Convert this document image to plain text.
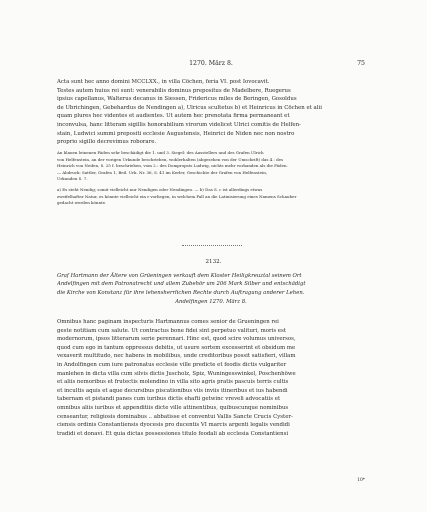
1270. März 8.	75

Acta sunt hec anno domini MCCLXX., in villa Cöchen, feria VI. post Iovocavit.
Testes autem huius rei sunt: venerabilis dominus prepositus de Madelbere, Ruegerus
ipsius capellanus, Walterus decanus in Siessen, Fridericus miles de Beringen, Gosoldus
de Ubrichingen, Gebehardus de Nendingen a), Ulricus scultetus b) et Heinricus in Cöchen et alii
quam plures hec videntes et audientes. Ut autem hec prenotata firma permaneant et
inconvulsa, hanc litteram sigillis honorabilium virorum videlicet Ulrici comitis de Helfen-
stain, Ludwici summi prepositi ecclesie Augustensis, Heinrici de Niden nec non nostro
proprio sigillo decrevimus roborare.

An blauen leinenen Fäden sehr beschädigt die 1. und 3. Siegel: des Ausstellers und des Grafen Ulrich
von Helfenstein, an der vorigen Urkunde beschrieben, wohlerhalten (abgesehen von der Umschrift) das 4.: des
Heinrich von Neifen, S. 25 f. beschrieben, vom 2.: des Dompropsts Ludwig, nichts mehr vorhanden als die Fäden.
— Abdruck: Sattler, Grafen 1, Beil. Urk. Nr. 36, S. 41 im Kerler, Geschichte der Grafen von Helfenstein,
Urkunden S. 7.

a) Es steht Nendig; somit vielleicht nur Nendigen oder Nendingen. — b) Das S. c ist allerdings etwas
zweifelhafter Natur, es könnte vielleicht ein r vorliegen, in welchem Fall an die Latinisierung eines Namens Schauber
gedacht werden könnte.

2132.

Graf Hartmann der Ältere von Grüeningen verkauft dem Kloster Heiligkreuztal seinem Ort
Andelfingen mit dem Patronatrecht und allem Zubehör um 206 Mark Silber und entschädigt
die Kirche von Konstanz für ihre lehensherrlichen Rechte durch Auftragung anderer Lehen.

Andelfingen 1270. März 8.

Omnibus hanc paginam inspecturis Hartmannus comes senior de Grueningen rei
geste notitiam cum salute. Ut contractus bone fidei sint perpetuo valituri, moris est
modernorum, ipsos litterarum serie perennari. Hinc est, quod scire volumus universos,
quod cum ego in tantum oppressus debitis, ut usure sortem excesserint et obsidum me
vexaverit multitudo, nec habens in mobilibus, unde creditoribus possit satisfieri, villam
in Andolfingen cum iure patronatus ecclesie ville predicte et feodis dictis vulgariter
manlehen in dicta villa cum silvis dictis Juscholz, Spiz, Wuningesswinkel, Poschenhöwe
et aliis nemoribus et frutectis molendino in villa sito agris pratis pascuis terris cultis
et incultis aquis et aque decursibus piscationibus viis inviis itineribus et ius habendi
tabernam et pistandi panes cum iuribus dictis ehafti getwinc vreveli advocatiis et
omnibus aliis iuribus et appenditiis dicte ville attinentibus, quibuscunque nominibus
censeantur, religiosis dominabus .. abbatisse et conventui Vallis Sancte Crucis Cyster-
ciensis ordinis Constantiensis dyocesis pro ducentis VI marcis argenti legalis vendidi
tradidi et donavi. Et quia dictas possessiones titulo feodali ab ecclesia Constantiensi

10*
